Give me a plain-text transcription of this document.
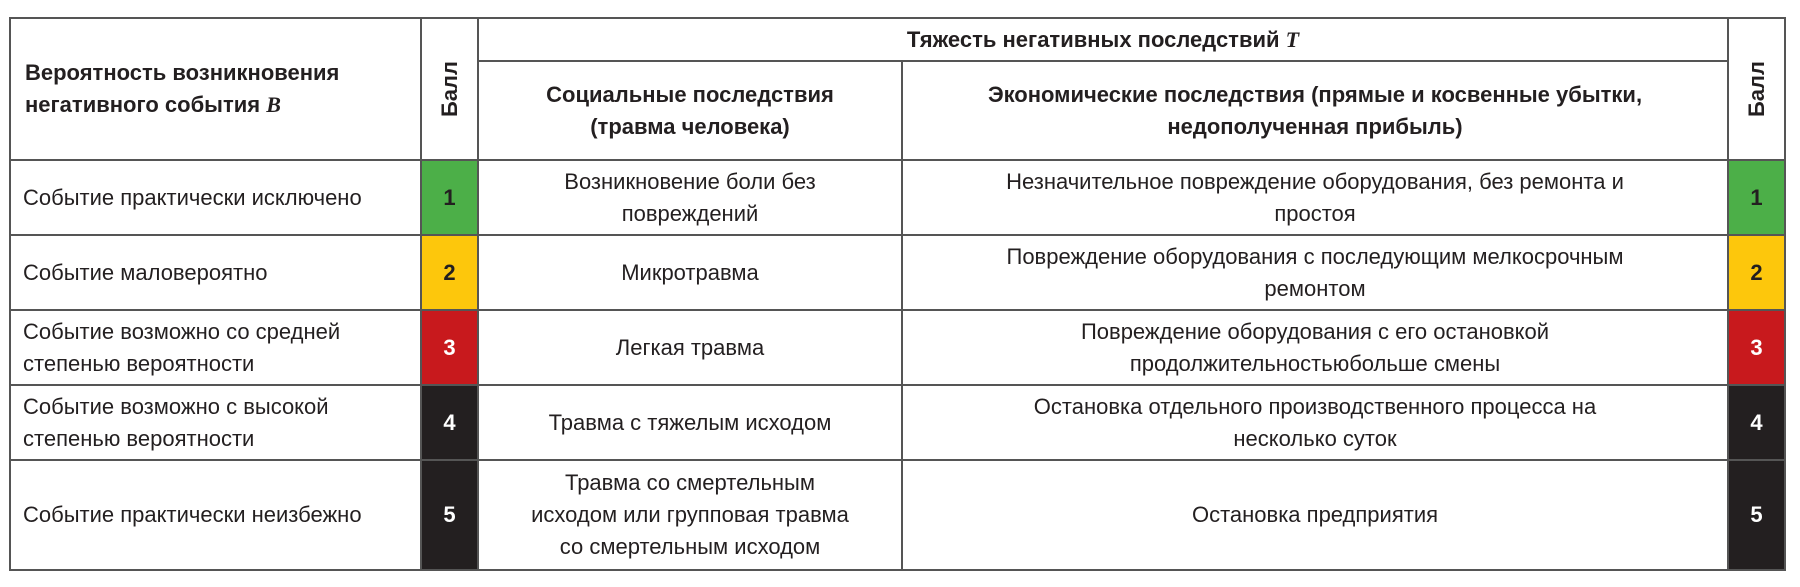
Вероятность возникновения негативного события B	Балл	Тяжесть негативных последствий T		Балл
		Социальные последствия (травма человека)	Экономические последствия (прямые и косвенные убытки, недополученная прибыль)	
Событие практически исключено	1	Возникновение боли без повреждений	Незначительное повреждение оборудования, без ремонта и простоя	1
Событие маловероятно	2	Микротравма	Повреждение оборудования с последующим мелкосрочным ремонтом	2
Событие возможно со средней степенью вероятности	3	Легкая травма	Повреждение оборудования с его остановкой продолжительностьюбольше смены	3
Событие возможно с высокой степенью вероятности	4	Травма с тяжелым исходом	Остановка отдельного производственного процесса на несколько суток	4
Событие практически неизбежно	5	Травма со смертельным исходом или групповая травма со смертельным исходом	Остановка предприятия	5
